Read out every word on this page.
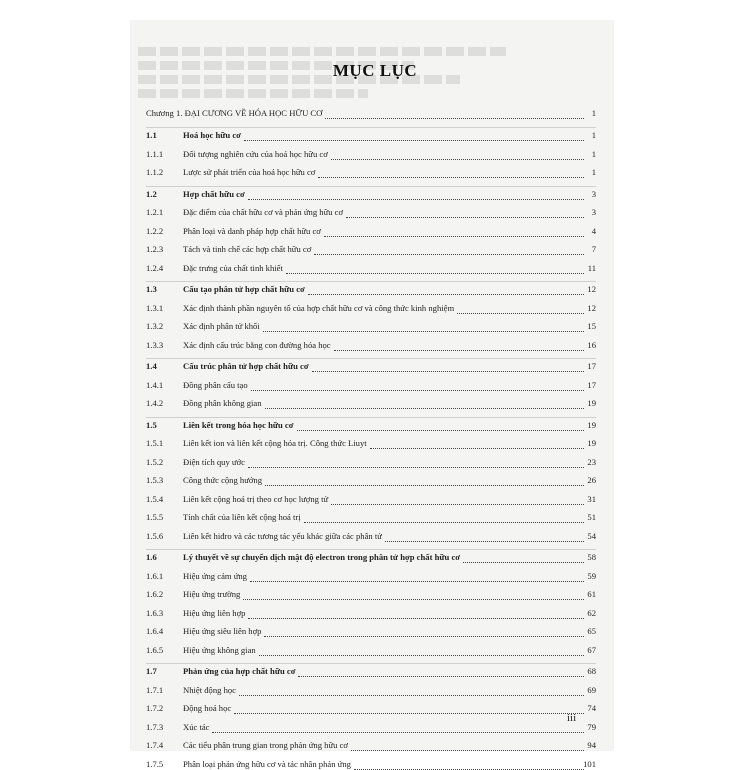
MỤC LỤC
Chương 1. ĐẠI CƯƠNG VỀ HÓA HỌC HỮU CƠ	1
1.1	Hoá học hữu cơ	1
1.1.1 Đối tượng nghiên cứu của hoá học hữu cơ	1
1.1.2 Lược sử phát triển của hoá học hữu cơ	1
1.2	Hợp chất hữu cơ	3
1.2.1 Đặc điểm của chất hữu cơ và phản ứng hữu cơ	3
1.2.2 Phân loại và danh pháp hợp chất hữu cơ	4
1.2.3 Tách và tinh chế các hợp chất hữu cơ	7
1.2.4 Đặc trưng của chất tinh khiết	11
1.3	Cấu tạo phân tử hợp chất hữu cơ	12
1.3.1 Xác định thành phần nguyên tố của hợp chất hữu cơ và công thức kinh nghiệm	12
1.3.2 Xác định phân tử khối	15
1.3.3 Xác định cấu trúc bằng con đường hóa học	16
1.4	Cấu trúc phân tử hợp chất hữu cơ	17
1.4.1 Đồng phân cấu tạo	17
1.4.2 Đồng phân không gian	19
1.5	Liên kết trong hóa học hữu cơ	19
1.5.1 Liên kết ion và liên kết cộng hóa trị. Công thức Liuyt	19
1.5.2 Điện tích quy ước	23
1.5.3 Công thức cộng hưởng	26
1.5.4 Liên kết cộng hoá trị theo cơ học lượng tử	31
1.5.5 Tính chất của liên kết cộng hoá trị	51
1.5.6 Liên kết hiđro và các tương tác yếu khác giữa các phân tử	54
1.6	Lý thuyết về sự chuyển dịch mật độ electron trong phân tử hợp chất hữu cơ	58
1.6.1 Hiệu ứng cảm ứng	59
1.6.2 Hiệu ứng trường	61
1.6.3 Hiệu ứng liên hợp	62
1.6.4 Hiệu ứng siêu liên hợp	65
1.6.5 Hiệu ứng không gian	67
1.7	Phản ứng của hợp chất hữu cơ	68
1.7.1 Nhiệt động học	69
1.7.2 Động hoá học	74
1.7.3 Xúc tác	79
1.7.4 Các tiểu phân trung gian trong phản ứng hữu cơ	94
1.7.5 Phân loại phản ứng hữu cơ và tác nhân phản ứng	101
iii
